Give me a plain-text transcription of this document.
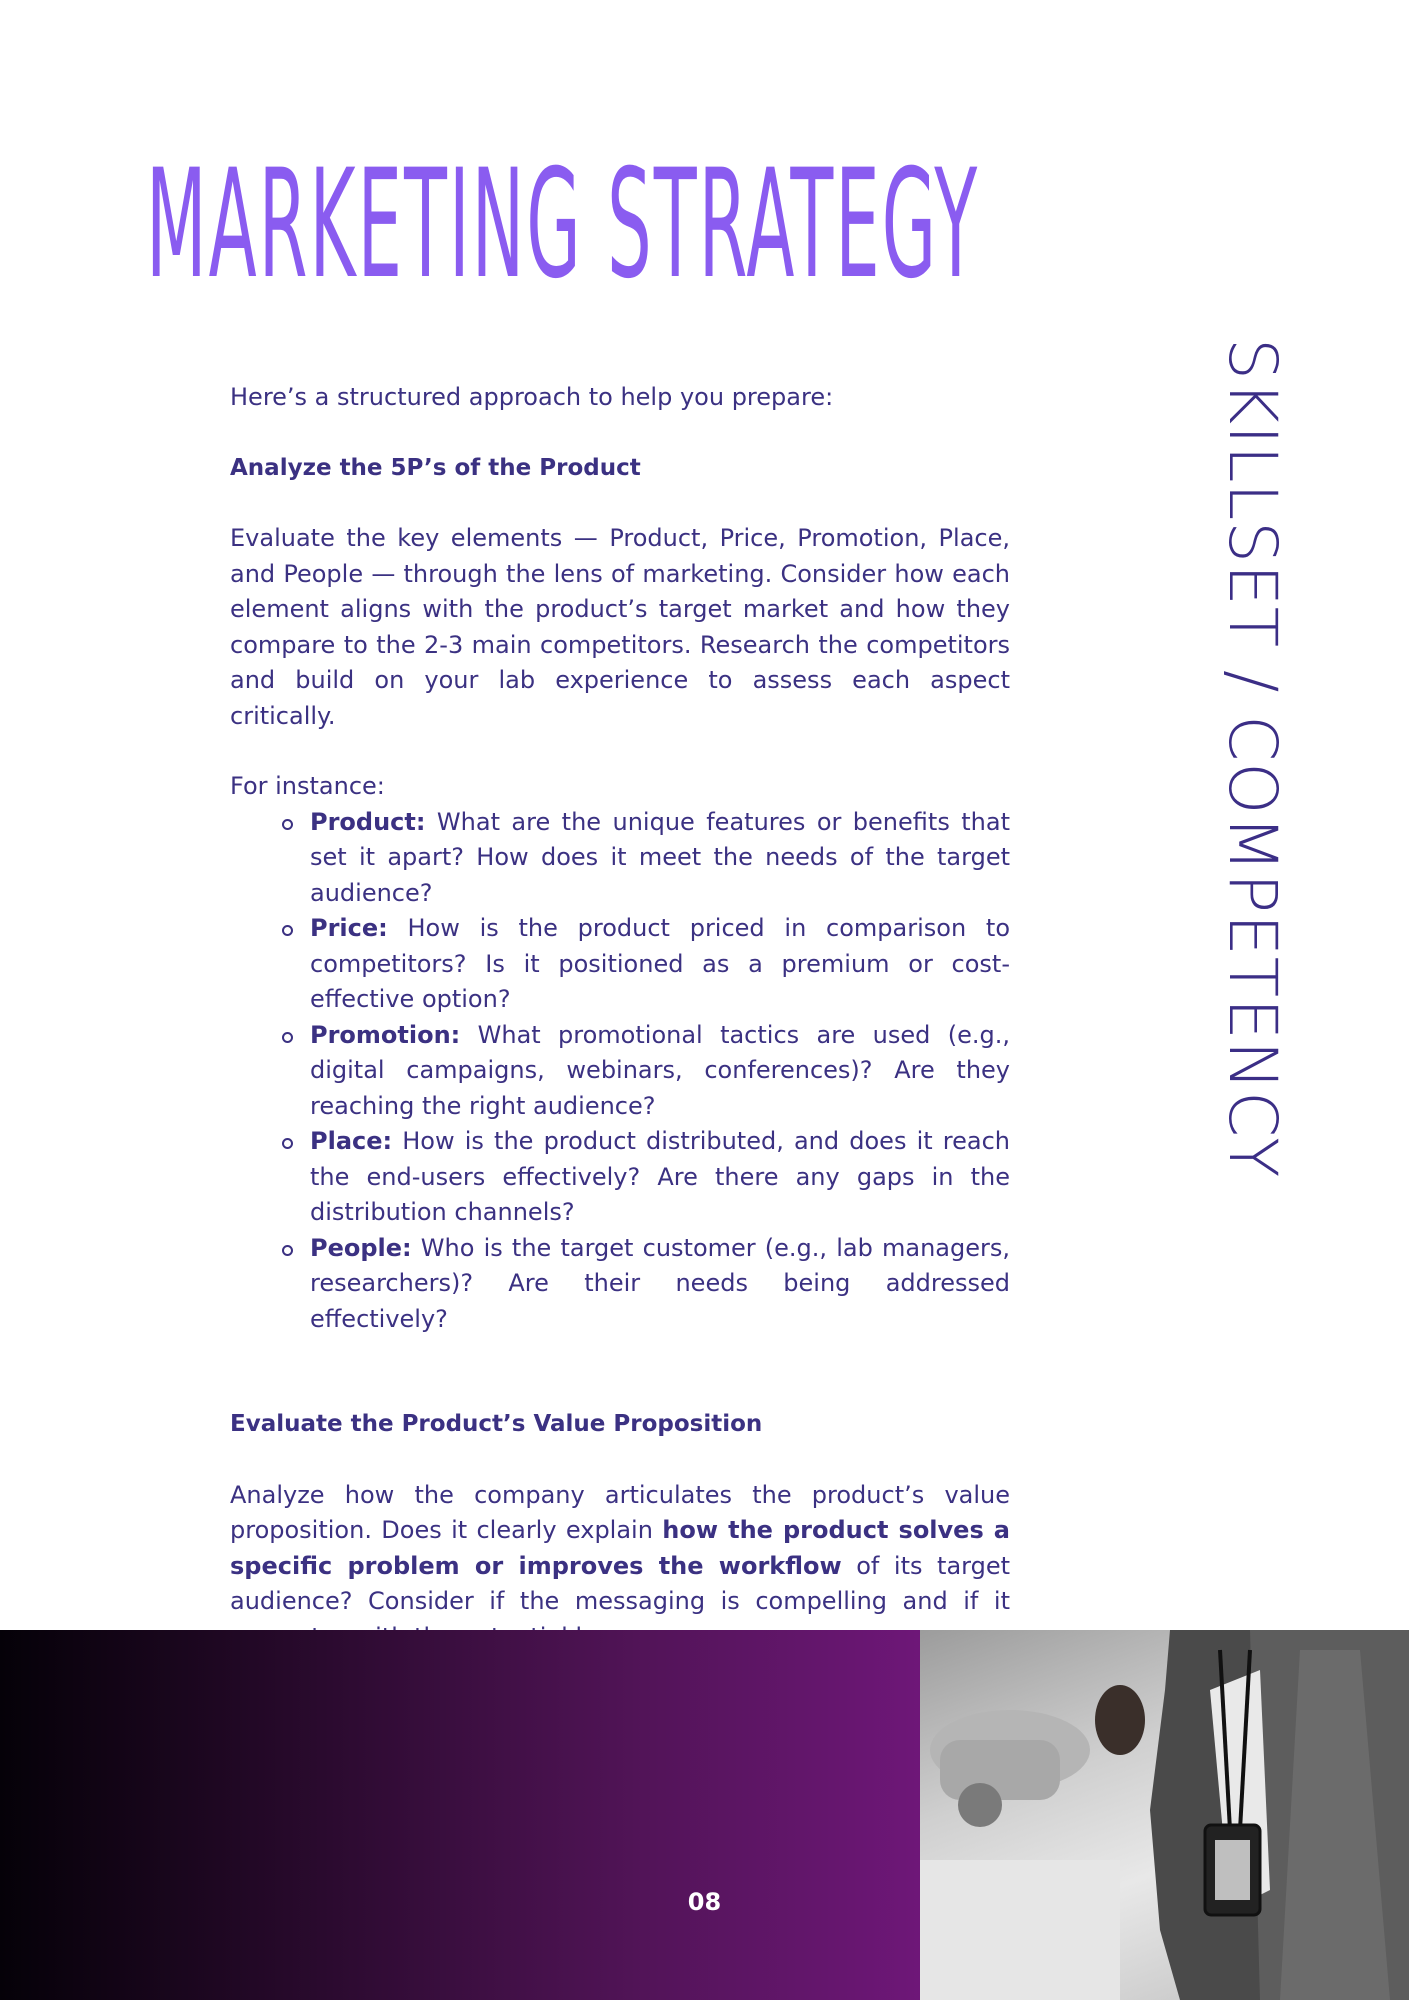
MARKETING STRATEGY
SKILLSET / COMPETENCY

Here’s a structured approach to help you prepare:

Analyze the 5P’s of the Product

Evaluate the key elements — Product, Price, Promotion, Place, and People — through the lens of marketing. Consider how each element aligns with the product’s target market and how they compare to the 2-3 main competitors. Research the competitors and build on your lab experience to assess each aspect critically.

For instance:

Product: What are the unique features or benefits that set it apart? How does it meet the needs of the target audience?
Price: How is the product priced in comparison to competitors? Is it positioned as a premium or cost-effective option?
Promotion: What promotional tactics are used (e.g., digital campaigns, webinars, conferences)? Are they reaching the right audience?
Place: How is the product distributed, and does it reach the end-users effectively? Are there any gaps in the distribution channels?
People: Who is the target customer (e.g., lab managers, researchers)? Are their needs being addressed effectively?

Evaluate the Product’s Value Proposition

Analyze how the company articulates the product’s value proposition. Does it clearly explain how the product solves a specific problem or improves the workflow of its target audience? Consider if the messaging is compelling and if it

08
